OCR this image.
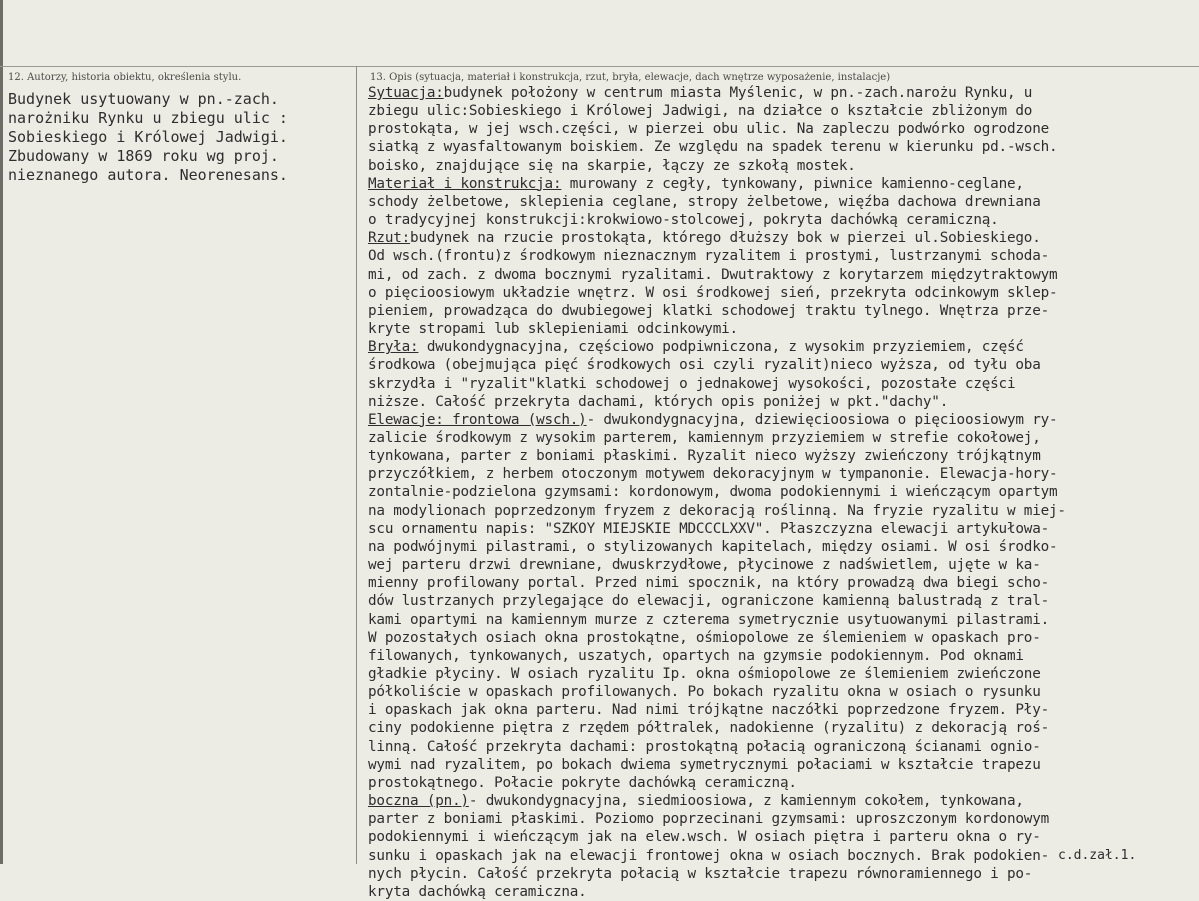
12. Autorzy, historia obiektu, określenia stylu.	13. Opis (sytuacja, materiał i konstrukcja, rzut, bryła, elewacje, dach wnętrze wyposażenie, instalacje)
Budynek usytuowany w pn.-zach.
narożniku Rynku u zbiegu ulic :
Sobieskiego i Królowej Jadwigi.
Zbudowany w 1869 roku wg proj.
nieznanego autora. Neorenesans.
Sytuacja:budynek położony w centrum miasta Myślenic, w pn.-zach.narożu Rynku, u
zbiegu ulic:Sobieskiego i Królowej Jadwigi, na działce o kształcie zbliżonym do
prostokąta, w jej wsch.części, w pierzei obu ulic. Na zapleczu podwórko ogrodzone
siatką z wyasfaltowanym boiskiem. Ze względu na spadek terenu w kierunku pd.-wsch.
boisko, znajdujące się na skarpie, łączy ze szkołą mostek.
Materiał i konstrukcja: murowany z cegły, tynkowany, piwnice kamienno-ceglane,
schody żelbetowe, sklepienia ceglane, stropy żelbetowe, więźba dachowa drewniana
o tradycyjnej konstrukcji:krokwiowo-stolcowej, pokryta dachówką ceramiczną.
Rzut:budynek na rzucie prostokąta, którego dłuższy bok w pierzei ul.Sobieskiego.
Od wsch.(frontu)z środkowym nieznacznym ryzalitem i prostymi, lustrzanymi schoda-
mi, od zach. z dwoma bocznymi ryzalitami. Dwutraktowy z korytarzem międzytraktowym
o pięcioosiowym układzie wnętrz. W osi środkowej sień, przekryta odcinkowym sklep-
pieniem, prowadząca do dwubiegowej klatki schodowej traktu tylnego. Wnętrza prze-
kryte stropami lub sklepieniami odcinkowymi.
Bryła: dwukondygnacyjna, częściowo podpiwniczona, z wysokim przyziemiem, część
środkowa (obejmująca pięć środkowych osi czyli ryzalit)nieco wyższa, od tyłu oba
skrzydła i "ryzalit"klatki schodowej o jednakowej wysokości, pozostałe części
niższe. Całość przekryta dachami, których opis poniżej w pkt."dachy".
Elewacje: frontowa (wsch.)- dwukondygnacyjna, dziewięcioosiowa o pięcioosiowym ry-
zalicie środkowym z wysokim parterem, kamiennym przyziemiem w strefie cokołowej,
tynkowana, parter z boniami płaskimi. Ryzalit nieco wyższy zwieńczony trójkątnym
przyczółkiem, z herbem otoczonym motywem dekoracyjnym w tympanonie. Elewacja-hory-
zontalnie-podzielona gzymsami: kordonowym, dwoma podokiennymi i wieńczącym opartym
na modylionach poprzedzonym fryzem z dekoracją roślinną. Na fryzie ryzalitu w miej-
scu ornamentu napis: "SZKOY MIEJSKIE MDCCCLXXV". Płaszczyzna elewacji artykułowa-
na podwójnymi pilastrami, o stylizowanych kapitelach, między osiami. W osi środko-
wej parteru drzwi drewniane, dwuskrzydłowe, płycinowe z nadświetlem, ujęte w ka-
mienny profilowany portal. Przed nimi spocznik, na który prowadzą dwa biegi scho-
dów lustrzanych przylegające do elewacji, ograniczone kamienną balustradą z tral-
kami opartymi na kamiennym murze z czterema symetrycznie usytuowanymi pilastrami.
W pozostałych osiach okna prostokątne, ośmiopolowe ze ślemieniem w opaskach pro-
filowanych, tynkowanych, uszatych, opartych na gzymsie podokiennym. Pod oknami
gładkie płyciny. W osiach ryzalitu Ip. okna ośmiopolowe ze ślemieniem zwieńczone
półkoliście w opaskach profilowanych. Po bokach ryzalitu okna w osiach o rysunku
i opaskach jak okna parteru. Nad nimi trójkątne naczółki poprzedzone fryzem. Pły-
ciny podokienne piętra z rzędem półtralek, nadokienne (ryzalitu) z dekoracją roś-
linną. Całość przekryta dachami: prostokątną połacią ograniczoną ścianami ognio-
wymi nad ryzalitem, po bokach dwiema symetrycznymi połaciami w kształcie trapezu
prostokątnego. Połacie pokryte dachówką ceramiczną.
boczna (pn.)- dwukondygnacyjna, siedmioosiowa, z kamiennym cokołem, tynkowana,
parter z boniami płaskimi. Poziomo poprzecinani gzymsami: uproszczonym kordonowym
podokiennymi i wieńczącym jak na elew.wsch. W osiach piętra i parteru okna o ry-
sunku i opaskach jak na elewacji frontowej okna w osiach bocznych. Brak podokien-
nych płycin. Całość przekryta połacią w kształcie trapezu równoramiennego i po-
kryta dachówką ceramiczna.
c.d.zał.1.
